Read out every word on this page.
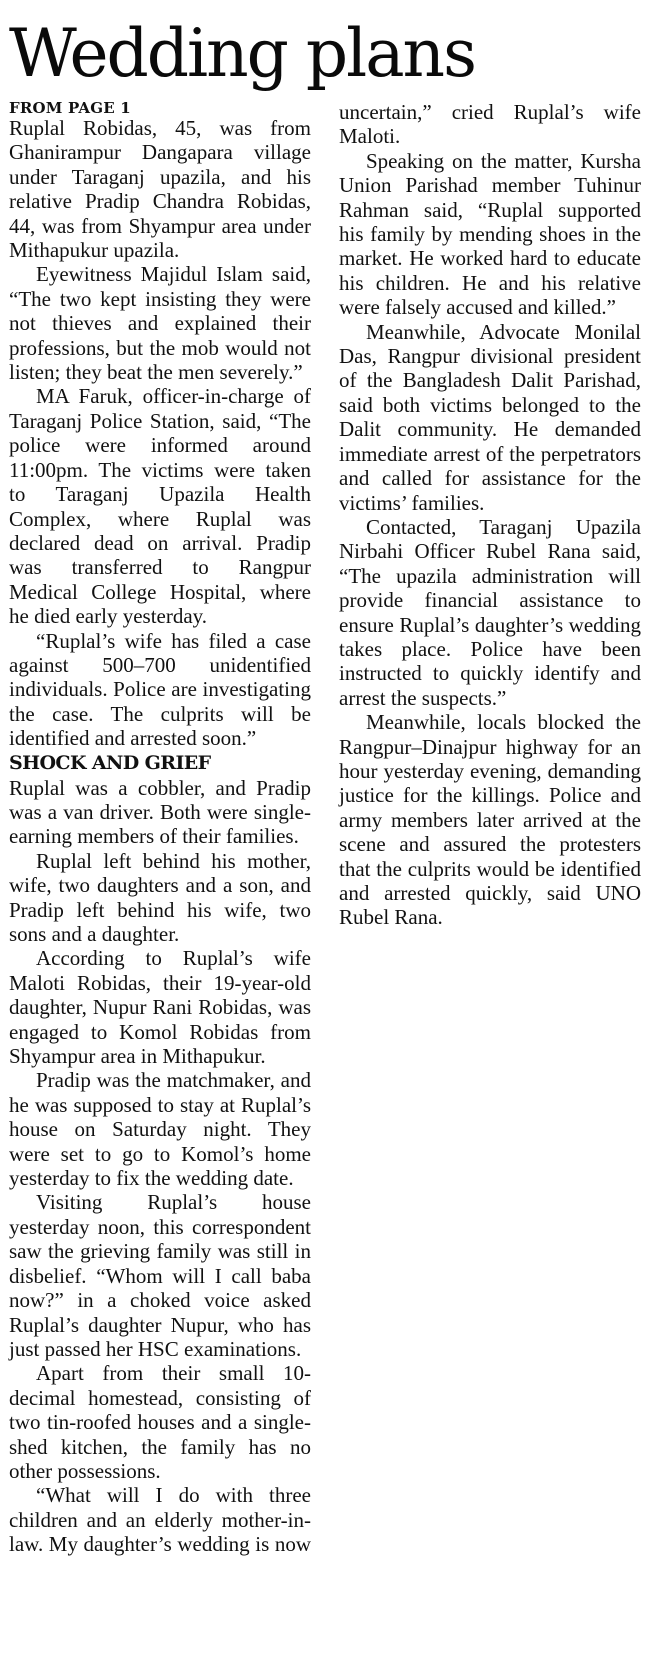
Wedding plans

FROM PAGE 1

Ruplal Robidas, 45, was from Ghanirampur Dangapara village under Taraganj upazila, and his relative Pradip Chandra Robidas, 44, was from Shyampur area under Mithapukur upazila.

Eyewitness Majidul Islam said, “The two kept insisting they were not thieves and explained their professions, but the mob would not listen; they beat the men severely.”

MA Faruk, officer-in-charge of Taraganj Police Station, said, “The police were informed around 11:00pm. The victims were taken to Taraganj Upazila Health Complex, where Ruplal was declared dead on arrival. Pradip was transferred to Rangpur Medical College Hospital, where he died early yesterday.

“Ruplal’s wife has filed a case against 500–700 unidentified individuals. Police are investigating the case. The culprits will be identified and arrested soon.”

SHOCK AND GRIEF

Ruplal was a cobbler, and Pradip was a van driver. Both were single-earning members of their families.

Ruplal left behind his mother, wife, two daughters and a son, and Pradip left behind his wife, two sons and a daughter.

According to Ruplal’s wife Maloti Robidas, their 19-year-old daughter, Nupur Rani Robidas, was engaged to Komol Robidas from Shyampur area in Mithapukur.

Pradip was the matchmaker, and he was supposed to stay at Ruplal’s house on Saturday night. They were set to go to Komol’s home yesterday to fix the wedding date.

Visiting Ruplal’s house yesterday noon, this correspondent saw the grieving family was still in disbelief. “Whom will I call baba now?” in a choked voice asked Ruplal’s daughter Nupur, who has just passed her HSC examinations.

Apart from their small 10-decimal homestead, consisting of two tin-roofed houses and a single-shed kitchen, the family has no other possessions.

“What will I do with three children and an elderly mother-in-law. My daughter’s wedding is now uncertain,” cried Ruplal’s wife Maloti.

Speaking on the matter, Kursha Union Parishad member Tuhinur Rahman said, “Ruplal supported his family by mending shoes in the market. He worked hard to educate his children. He and his relative were falsely accused and killed.”

Meanwhile, Advocate Monilal Das, Rangpur divisional president of the Bangladesh Dalit Parishad, said both victims belonged to the Dalit community. He demanded immediate arrest of the perpetrators and called for assistance for the victims’ families.

Contacted, Taraganj Upazila Nirbahi Officer Rubel Rana said, “The upazila administration will provide financial assistance to ensure Ruplal’s daughter’s wedding takes place. Police have been instructed to quickly identify and arrest the suspects.”

Meanwhile, locals blocked the Rangpur–Dinajpur highway for an hour yesterday evening, demanding justice for the killings. Police and army members later arrived at the scene and assured the protesters that the culprits would be identified and arrested quickly, said UNO Rubel Rana.
